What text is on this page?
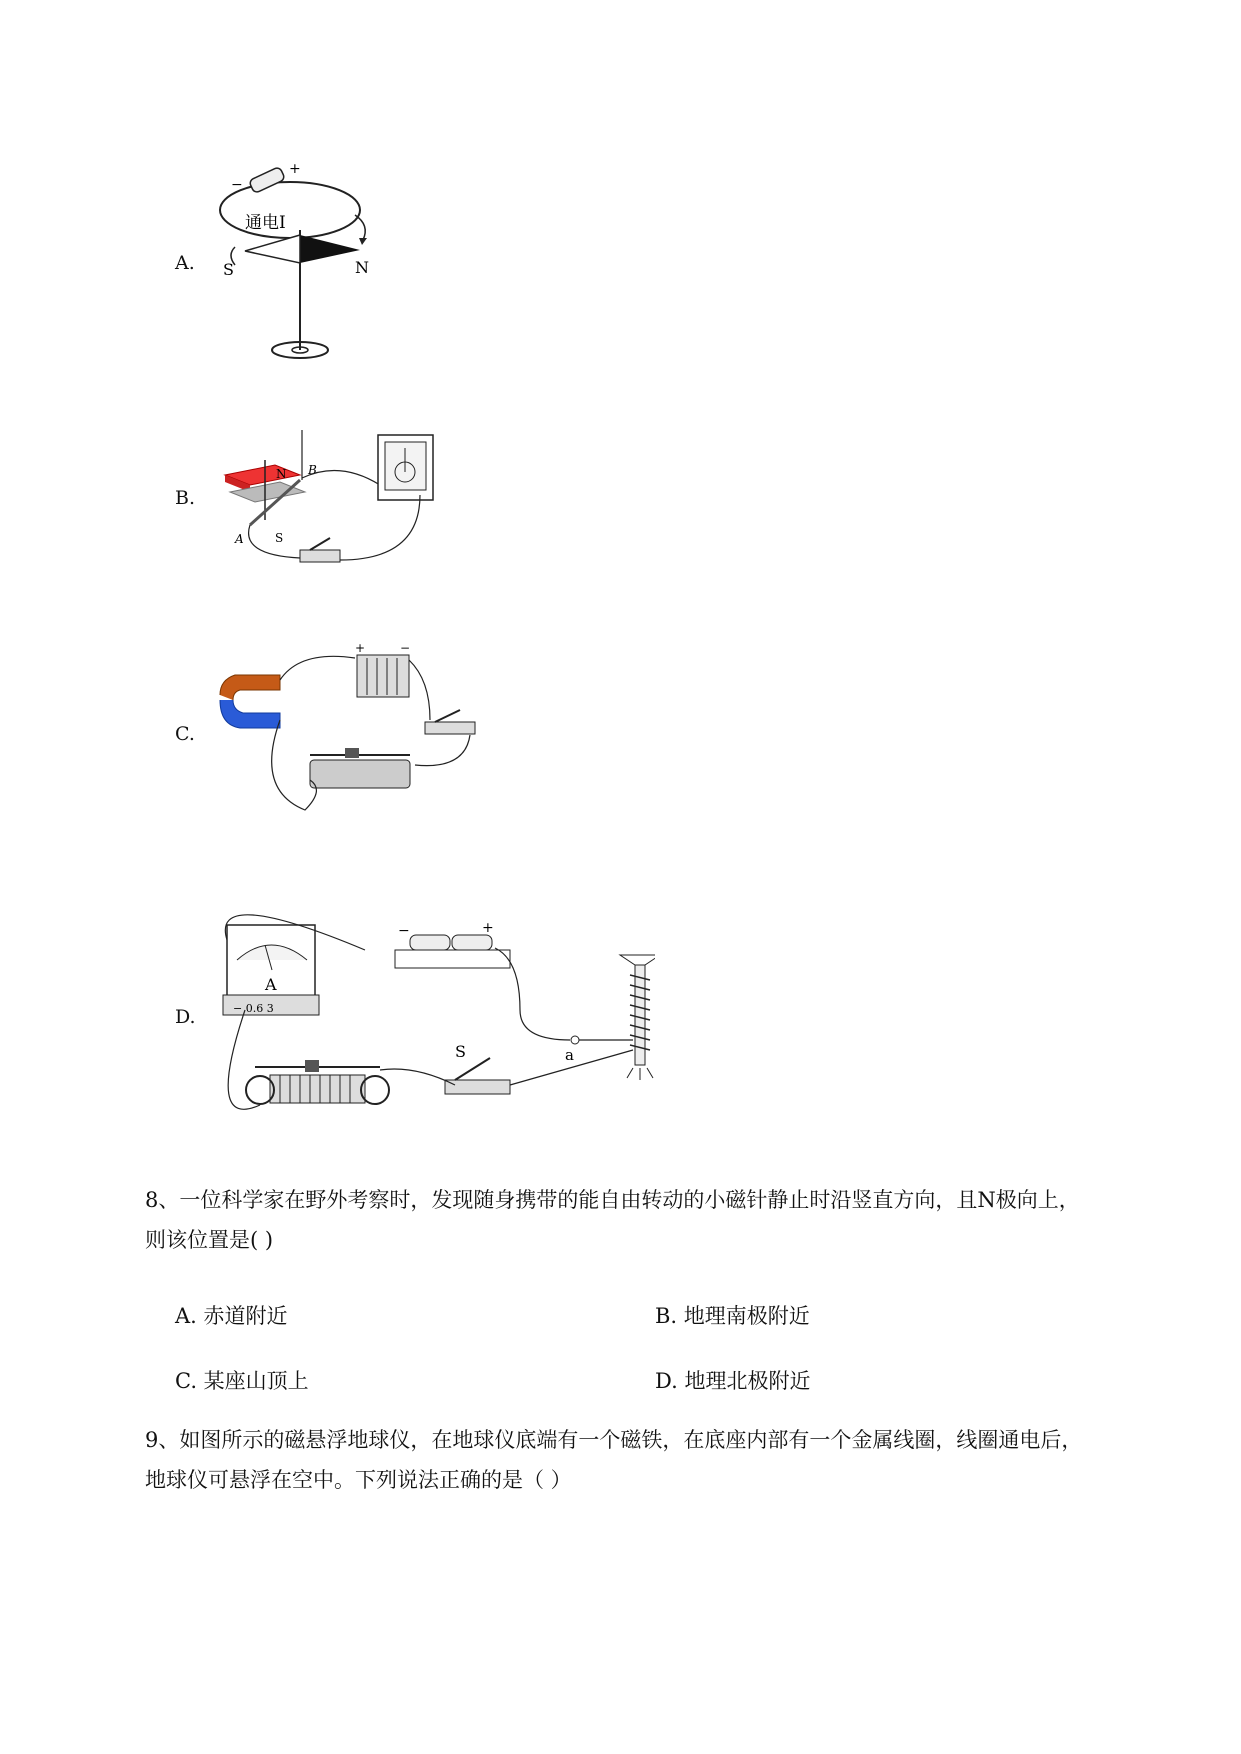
A.
B.
C.
D.
−
+
通电I
S	N
N
S
A
B
+	−
A
− 0.6 3
−	+
a
S
8、一位科学家在野外考察时，发现随身携带的能自由转动的小磁针静止时沿竖直方向，且N极向上，
则该位置是( )
A. 赤道附近	B. 地理南极附近
C. 某座山顶上	D. 地理北极附近
9、如图所示的磁悬浮地球仪，在地球仪底端有一个磁铁，在底座内部有一个金属线圈，线圈通电后，
地球仪可悬浮在空中。下列说法正确的是（ ）
